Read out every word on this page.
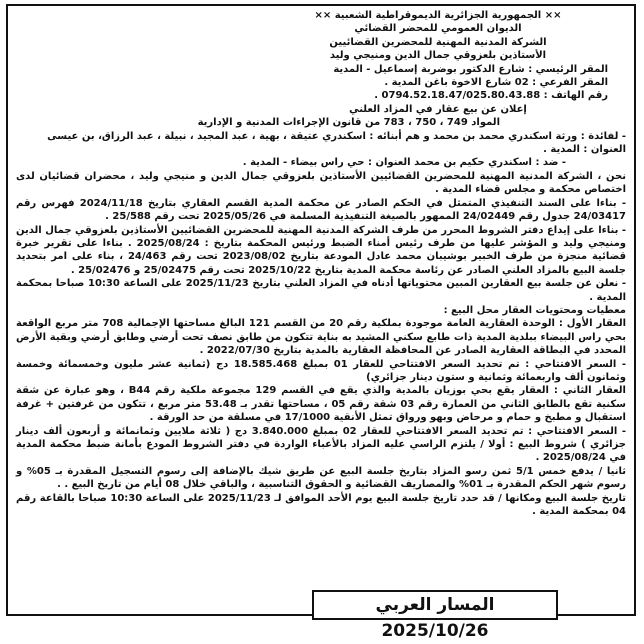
×× الجمهورية الجزائرية الديموقراطية الشعبية ××
الديوان العمومي للمحضر القضائي
الشركة المدنية المهنية للمحضرين القضائيين
الأستاذين بلعزوقي جمال الدين ومنيجي وليد
المقر الرئيسي : شارع الدكتور بوضربة إسماعيل - المدية
المقر الفرعي : 02 شارع الاخوة باغن المدية .
رقم الهاتف : 0794.52.18.47/025.80.43.88 .
إعلان عن بيع عقار في المزاد العلني
المواد 749 ، 750 ، 783 من قانون الإجراءات المدنية و الإدارية
- لفائدة : ورثة اسكندري محمد بن محمد و هم أبنائه : اسكندري عتيقة ، بهية ، عبد المجيد ، نبيلة ، عبد الرزاق، بن عيسى العنوان : المدية .
- ضد : اسكندري حكيم بن محمد العنوان : حي راس بيضاء - المدية .
نحن ، الشركة المدنية المهنية للمحضرين القضائيين الأستاذين بلعزوقي جمال الدين و منيجي وليد ، محضران قضائيان لدى اختصاص محكمة و مجلس قضاء المدية .
- بناءا على السند التنفيذي المتمثل في الحكم الصادر عن محكمة المدية القسم العقاري بتاريخ 2024/11/18 فهرس رقم 24/03417 جدول رقم 24/02449 الممهور بالصيغة التنفيذية المسلمة في 2025/05/26 تحت رقم 25/588 .
- بناءا على إيداع دفتر الشروط المحرر من طرف الشركة المدنية المهنية للمحضرين القضائيين الأستاذين بلعزوقي جمال الدين ومنيجي وليد و المؤشر عليها من طرف رئيس أمناء الضبط ورئيس المحكمة بتاريخ : 2025/08/24 . بناءا على تقرير خبرة قضائية منجزة من طرف الخبير بوشيبان محمد عادل المودعة بتاريخ 2023/08/02 تحت رقم 24/463 ، بناء على امر بتحديد جلسة البيع بالمزاد العلني الصادر عن رئاسة محكمة المدية بتاريخ 2025/10/22 تحت رقم 25/02475 و 25/02476 .
- نعلن عن جلسة بيع العقارين المبين محتوياتها أدناه في المزاد العلني بتاريخ 2025/11/23 على الساعة 10:30 صباحا بمحكمة المدية .
معطيات ومحتويات العقار محل البيع :
العقار الأول : الوحدة العقارية العامة موجودة بملكية رقم 20 من القسم 121 البالغ مساحتها الإجمالية 708 متر مربع الواقعة بحي راس البيضاء ببلدية المدية ذات طابع سكني المشيد به بناية تتكون من طابق نصف تحت أرضي وطابق أرضي وبقية الأرض المحدد في البطاقة العقارية الصادر عن المحافظة العقارية بالمدية بتاريخ 2022/07/30 .
- السعر الافتتاحي : تم تحديد السعر الافتتاحي للعقار 01 بمبلغ 18.585.468 دج (ثمانية عشر مليون وخمسمائة وخمسة وثمانون ألف واربعمائة وثمانية و ستون دينار جزائري)
العقار الثاني : العقار يقع بحي بوزيان بالمدية والذي يقع في القسم 129 مجموعة ملكية رقم B44 ، وهو عبارة عن شقة سكنية تقع بالطابق الثاني من العمارة رقم 03 شقة رقم 05 ، مساحتها تقدر بـ 53.48 متر مربع ، تتكون من غرفتين + غرفة استقبال و مطبخ و حمام و مرحاض وبهو ورواق تمثل الأنقية 17/1000 في مسلقة من حد الورقة .
- السعر الافتتاحي : تم تحديد السعر الافتتاحي للعقار 02 بمبلغ 3.840.000 دج ( ثلاثة ملايين وثمانمائة و أربعون ألف دينار جزائري ) شروط البيع : أولا / يلتزم الراسي عليه المزاد بالأعباء الواردة في دفتر الشروط المودع بأمانة ضبط محكمة المدية في 2025/08/24 .
ثانيا / يدفع خمس 5/1 ثمن رسو المزاد بتاريخ جلسة البيع عن طريق شيك بالإضافة إلى رسوم التسجيل المقدرة بـ 05% و رسوم شهر الحكم المقدرة بـ 01% والمصاريف القضائية و الحقوق التناسبية ، والباقي خلال 08 أيام من تاريخ البيع . .
تاريخ جلسة البيع ومكانها / قد حدد تاريخ جلسة البيع يوم الأحد الموافق لـ 2025/11/23 على الساعة 10:30 صباحا بالقاعة رقم 04 بمحكمة المدية .
المسار العربي 2025/10/26
